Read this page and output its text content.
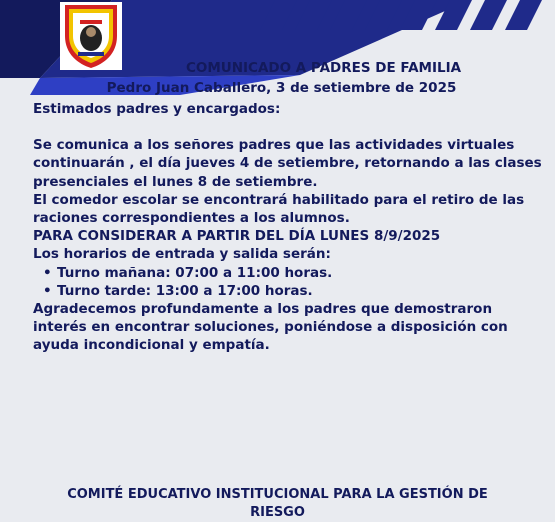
COMUNICADO A PADRES DE FAMILIA
Pedro Juan Caballero, 3 de setiembre de 2025

Estimados padres y encargados:

Se comunica a los señores padres que las actividades virtuales continuarán , el día jueves 4 de setiembre, retornando a las clases presenciales el lunes 8 de setiembre.

El comedor escolar se encontrará habilitado para el retiro de las raciones correspondientes a los alumnos.

PARA CONSIDERAR A PARTIR DEL DÍA LUNES 8/9/2025

Los horarios de entrada y salida serán:

• Turno mañana: 07:00 a 11:00 horas.
• Turno tarde: 13:00 a 17:00 horas.

Agradecemos profundamente a los padres que demostraron interés en encontrar soluciones, poniéndose a disposición con ayuda incondicional y empatía.

COMITÉ EDUCATIVO INSTITUCIONAL PARA LA GESTIÓN DE
RIESGO
